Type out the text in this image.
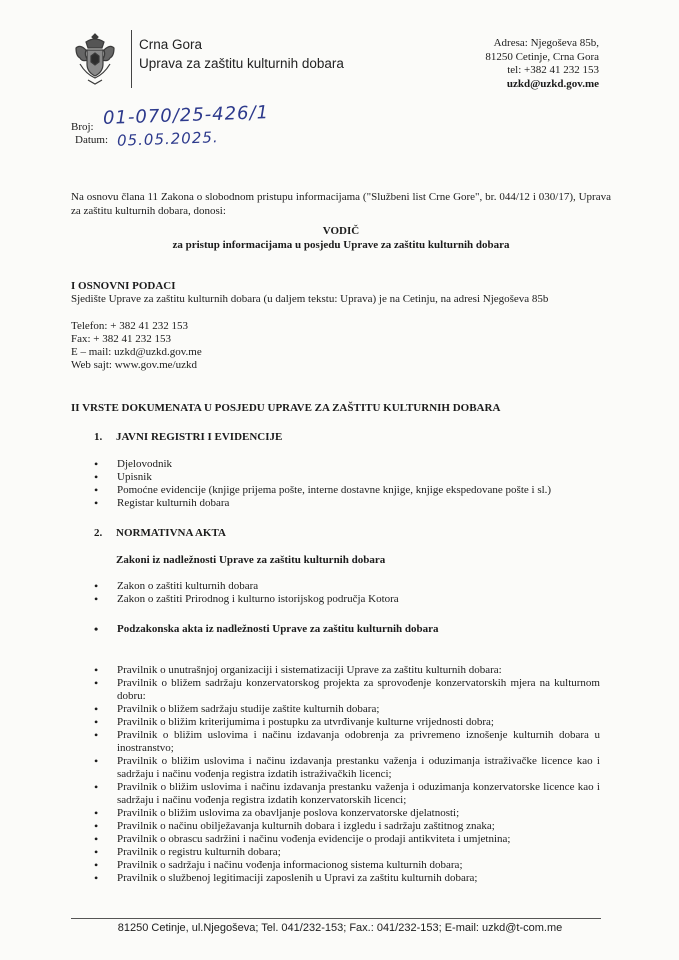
Crna Gora
Uprava za zaštitu kulturnih dobara
Adresa: Njegoševa 85b,
81250 Cetinje, Crna Gora
tel: +382 41 232 153
uzkd@uzkd.gov.me
Broj: 01-070/25-426/1
Datum: 05.05.2025.
Na osnovu člana 11 Zakona o slobodnom pristupu informacijama ("Službeni list Crne Gore", br. 044/12 i 030/17), Uprava za zaštitu kulturnih dobara, donosi:
VODIČ
za pristup informacijama u posjedu Uprave za zaštitu kulturnih dobara
I OSNOVNI PODACI
Sjedište Uprave za zaštitu kulturnih dobara (u daljem tekstu: Uprava) je na Cetinju, na adresi Njegoševa 85b
Telefon: + 382 41 232 153
Fax: + 382 41 232 153
E – mail: uzkd@uzkd.gov.me
Web sajt: www.gov.me/uzkd
II VRSTE DOKUMENATA U POSJEDU UPRAVE ZA ZAŠTITU KULTURNIH DOBARA
1. JAVNI REGISTRI I EVIDENCIJE
• Djelovodnik
• Upisnik
• Pomoćne evidencije (knjige prijema pošte, interne dostavne knjige, knjige ekspedovane pošte i sl.)
• Registar kulturnih dobara
2. NORMATIVNA AKTA
Zakoni iz nadležnosti Uprave za zaštitu kulturnih dobara
• Zakon o zaštiti kulturnih dobara
• Zakon o zaštiti Prirodnog i kulturno istorijskog područja Kotora
• Podzakonska akta iz nadležnosti Uprave za zaštitu kulturnih dobara
• Pravilnik o unutrašnjoj organizaciji i sistematizaciji Uprave za zaštitu kulturnih dobara:
• Pravilnik o bližem sadržaju konzervatorskog projekta za sprovođenje konzervatorskih mjera na kulturnom dobru:
• Pravilnik o bližem sadržaju studije zaštite kulturnih dobara;
• Pravilnik o bližim kriterijumima i postupku za utvrđivanje kulturne vrijednosti dobra;
• Pravilnik o bližim uslovima i načinu izdavanja odobrenja za privremeno iznošenje kulturnih dobara u inostranstvo;
• Pravilnik o bližim uslovima i načinu izdavanja prestanku važenja i oduzimanja istraživačke licence kao i sadržaju i načinu vođenja registra izdatih istraživačkih licenci;
• Pravilnik o bližim uslovima i načinu izdavanja prestanku važenja i oduzimanja konzervatorske licence kao i sadržaju i načinu vođenja registra izdatih konzervatorskih licenci;
• Pravilnik o bližim uslovima za obavljanje poslova konzervatorske djelatnosti;
• Pravilnik o načinu obilježavanja kulturnih dobara i izgledu i sadržaju zaštitnog znaka;
• Pravilnik o obrascu sadržini i načinu vođenja evidencije o prodaji antikviteta i umjetnina;
• Pravilnik o registru kulturnih dobara;
• Pravilnik o sadržaju i načinu vođenja informacionog sistema kulturnih dobara;
• Pravilnik o službenoj legitimaciji zaposlenih u Upravi za zaštitu kulturnih dobara;
81250 Cetinje, ul.Njegoševa; Tel. 041/232-153; Fax.: 041/232-153; E-mail: uzkd@t-com.me
